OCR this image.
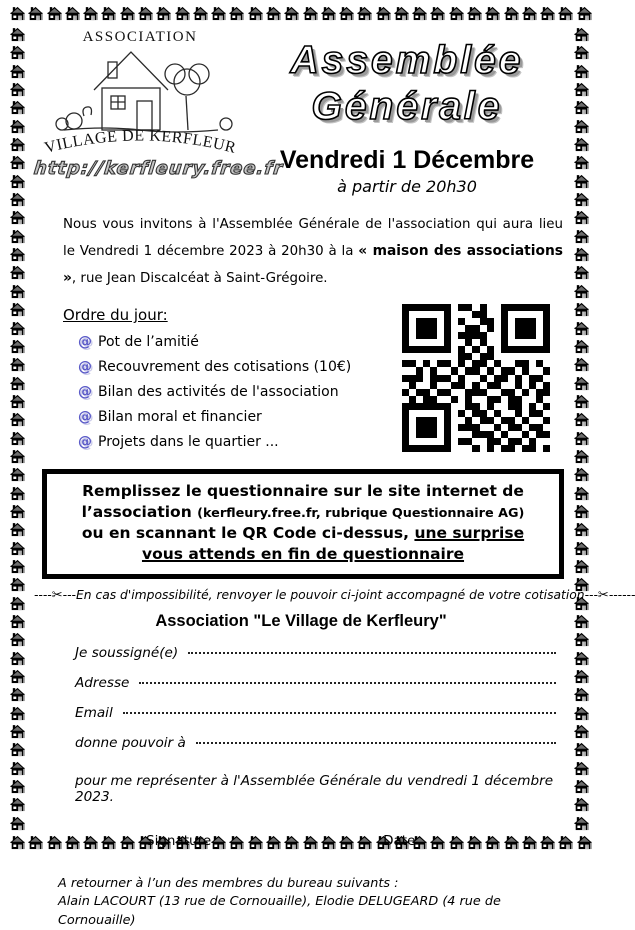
ASSOCIATION
VILLAGE DE KERFLEUR
http://kerfleury.free.fr
Assemblée
Générale
Vendredi 1 Décembre
à partir de 20h30

Nous vous invitons à l'Assemblée Générale de l'association qui aura lieu le Vendredi 1 décembre 2023 à 20h30 à la « maison des associations », rue Jean Discalcéat à Saint-Grégoire.

Ordre du jour:
@ Pot de l’amitié
@ Recouvrement des cotisations (10€)
@ Bilan des activités de l'association
@ Bilan moral et financier
@ Projets dans le quartier ...
Remplissez le questionnaire sur le site internet de
l’association (kerfleury.free.fr, rubrique Questionnaire AG)
ou en scannant le QR Code ci-dessus, une surprise
vous attends en fin de questionnaire
----✂---En cas d'impossibilité, renvoyer le pouvoir ci-joint accompagné de votre cotisation---✂------
Association "Le Village de Kerfleury"
Je soussigné(e)
Adresse
Email
donne pouvoir à
pour me représenter à l'Assemblée Générale du vendredi 1 décembre 2023.
Signature	Date
A retourner à l’un des membres du bureau suivants :
Alain LACOURT (13 rue de Cornouaille), Elodie DELUGEARD (4 rue de Cornouaille)
